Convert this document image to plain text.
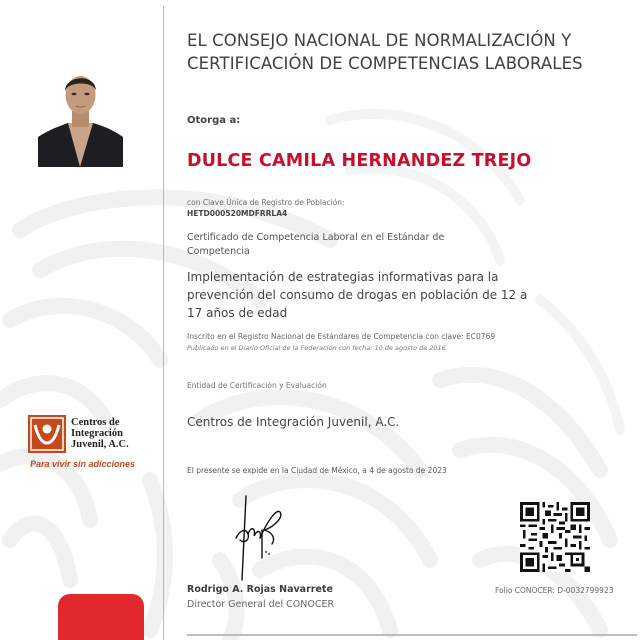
Centros de
Integración
Juvenil, A.C.
Para vivir sin adicciones
EL CONSEJO NACIONAL DE NORMALIZACIÓN Y CERTIFICACIÓN DE COMPETENCIAS LABORALES
Otorga a:
DULCE CAMILA HERNANDEZ TREJO
con Clave Única de Registro de Población:
HETD000520MDFRRLA4
Certificado de Competencia Laboral en el Estándar de Competencia
Implementación de estrategias informativas para la prevención del consumo de drogas en población de 12 a 17 años de edad
Inscrito en el Registro Nacional de Estándares de Competencia con clave: EC0769
Publicado en el Diario Oficial de la Federación con fecha: 10 de agosto de 2016.
Entidad de Certificación y Evaluación
Centros de Integración Juvenil, A.C.
El presente se expide en la Ciudad de México, a 4 de agosto de 2023
Rodrigo A. Rojas Navarrete
Director General del CONOCER
Folio CONOCER: D-0032799923
